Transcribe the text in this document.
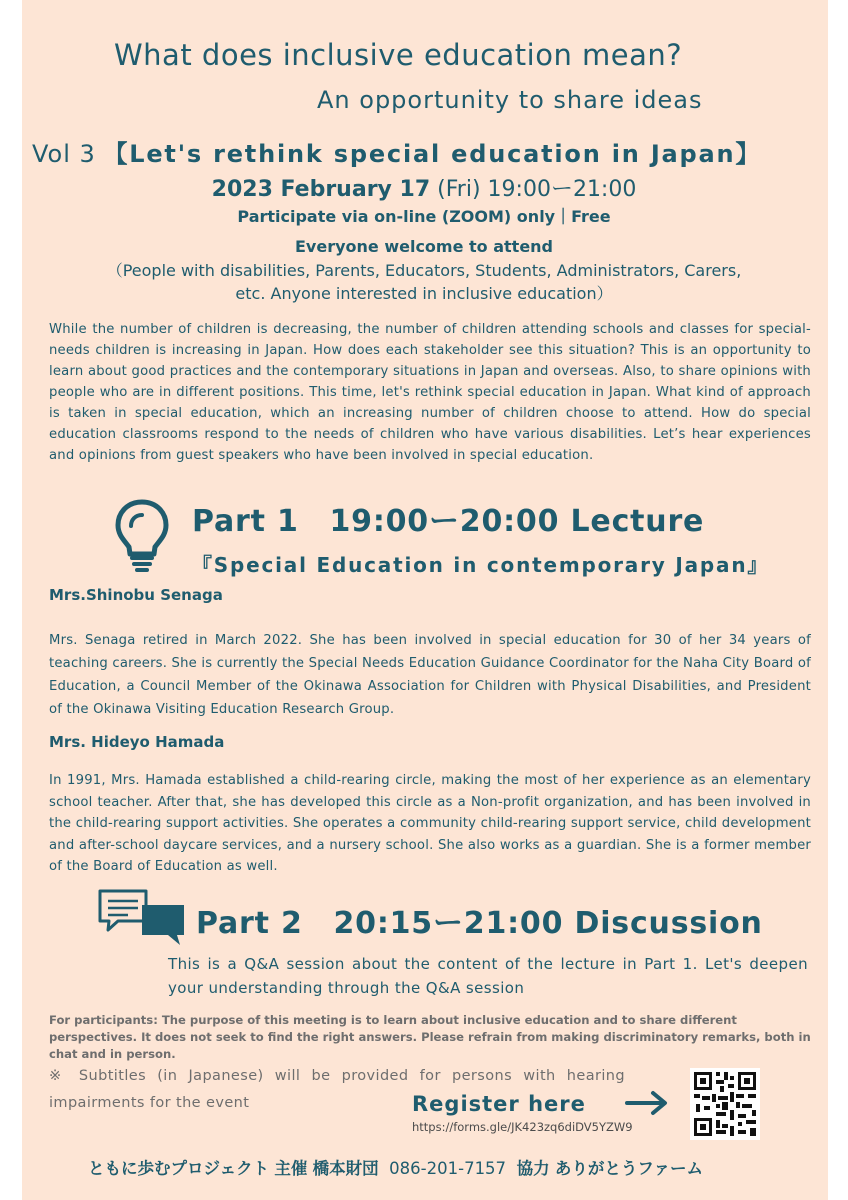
What does inclusive education mean?
An opportunity to share ideas
Vol 3 【Let's rethink special education in Japan】
2023 February 17 (Fri) 19:00ー21:00
Participate via on-line (ZOOM) only｜Free
Everyone welcome to attend
（People with disabilities, Parents, Educators, Students, Administrators, Carers, etc. Anyone interested in inclusive education）
While the number of children is decreasing, the number of children attending schools and classes for special-needs children is increasing in Japan. How does each stakeholder see this situation? This is an opportunity to learn about good practices and the contemporary situations in Japan and overseas. Also, to share opinions with people who are in different positions. This time, let's rethink special education in Japan. What kind of approach is taken in special education, which an increasing number of children choose to attend. How do special education classrooms respond to the needs of children who have various disabilities. Let’s hear experiences and opinions from guest speakers who have been involved in special education.
Part 1　19:00ー20:00 Lecture
『Special Education in contemporary Japan』
Mrs.Shinobu Senaga
Mrs. Senaga retired in March 2022. She has been involved in special education for 30 of her 34 years of teaching careers. She is currently the Special Needs Education Guidance Coordinator for the Naha City Board of Education, a Council Member of the Okinawa Association for Children with Physical Disabilities, and President of the Okinawa Visiting Education Research Group.
Mrs. Hideyo Hamada
In 1991, Mrs. Hamada established a child-rearing circle, making the most of her experience as an elementary school teacher. After that, she has developed this circle as a Non-profit organization, and has been involved in the child-rearing support activities. She operates a community child-rearing support service, child development and after-school daycare services, and a nursery school. She also works as a guardian. She is a former member of the Board of Education as well.
Part 2　20:15ー21:00 Discussion
This is a Q&A session about the content of the lecture in Part 1. Let's deepen your understanding through the Q&A session
For participants: The purpose of this meeting is to learn about inclusive education and to share different perspectives. It does not seek to find the right answers. Please refrain from making discriminatory remarks, both in chat and in person.
※ Subtitles (in Japanese) will be provided for persons with hearing impairments for the event	Register here
https://forms.gle/JK423zq6diDV5YZW9
ともに歩むプロジェクト 主催 橋本財団 086-201-7157 協力 ありがとうファーム
